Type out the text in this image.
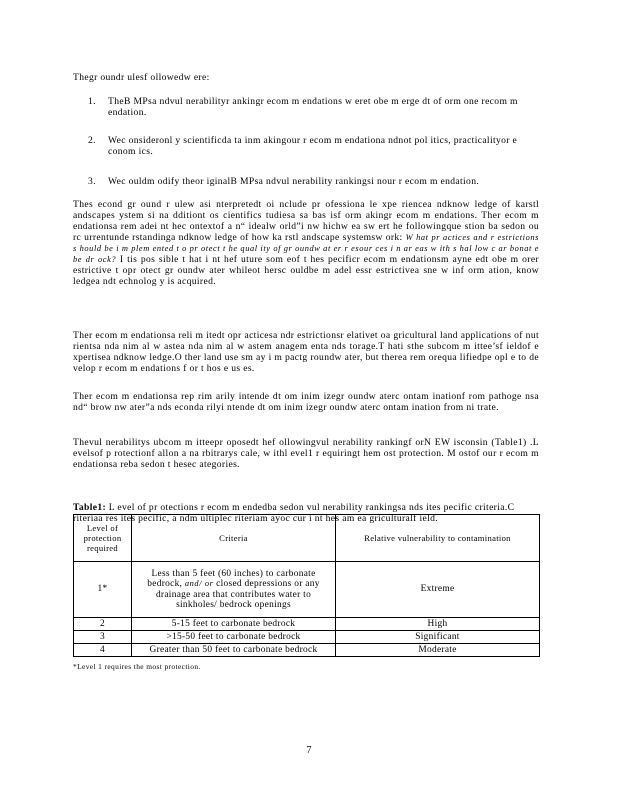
Thegr oundr ulesf ollowedw ere:

1. TheB MPsa ndvul nerabilityr ankingr ecom m endations w eret obe m erge dt of orm one recom m endation.
2. Wec onsideronl y scientificda ta inm akingour r ecom m endationa ndnot pol itics, practicalityor e conom ics.
3. Wec ouldm odify theor iginalB MPsa ndvul nerability rankingsi nour r ecom m endation.

Thes econd gr ound r ulew asi nterpretedt oi nclude pr ofessiona le xpe riencea ndknow ledge of karstl andscapes ystem si na dditiont os cientifics tudiesa sa bas isf orm akingr ecom m endations. Ther ecom m endationsa rem adei nt hec ontextof a n“ idealw orld”i nw hichw ea sw ert he followingque stion ba sedon ou rc urrentunde rstandinga ndknow ledge of how ka rstl andscape systemsw ork: W hat pr actices and r estrictions s hould be i m plem ented t o pr otect t he qual ity of gr oundw at er r esour ces i n ar eas w ith s hal low c ar bonat e be dr ock? I tis pos sible t hat i nt hef uture som eof t hes pecificr ecom m endationsm ayne edt obe m orer estrictive t opr otect gr oundw ater whileot hersc ouldbe m adel essr estrictivea sne w inf orm ation, know ledgea ndt echnolog y is acquired.

Ther ecom m endationsa reli m itedt opr acticesa ndr estrictionsr elativet oa gricultural land applications of nut rientsa nda nim al w astea nda nim al w astem anagem enta nds torage.T hati sthe subcom m ittee’sf ieldof e xpertisea ndknow ledge.O ther land use sm ay i m pactg roundw ater, but therea rem orequa lifiedpe opl e to de velop r ecom m endations f or t hos e us es.

Ther ecom m endationsa rep rim arily intende dt om inim izegr oundw aterc ontam inationf rom pathoge nsa nd“ brow nw ater”a nds econda rilyi ntende dt om inim izegr oundw aterc ontam ination from ni trate.

Thevul nerabilitys ubcom m itteepr oposedt hef ollowingvul nerability rankingf orN EW isconsin (Table1) .L evelsof p rotectionf allon a na rbitrarys cale, w ithl evel1 r equiringt hem ost protection. M ostof our r ecom m endationsa reba sedon t hesec ategories.

Table1: L evel of pr otections r ecom m endedba sedon vul nerability rankingsa nds ites pecific criteria.C riteriaa res ites pecific, a ndm ultiplec riteriam ayoc cur i nt hes am ea griculturalf ield.

Level of protection required	Criteria	Relative vulnerability to contamination
1*	Less than 5 feet (60 inches) to carbonate bedrock, and/ or closed depressions or any drainage area that contributes water to sinkholes/ bedrock openings	Extreme
2	5-15 feet to carbonate bedrock	High
3	>15-50 feet to carbonate bedrock	Significant
4	Greater than 50 feet to carbonate bedrock	Moderate
*Level 1 requires the most protection.
7
